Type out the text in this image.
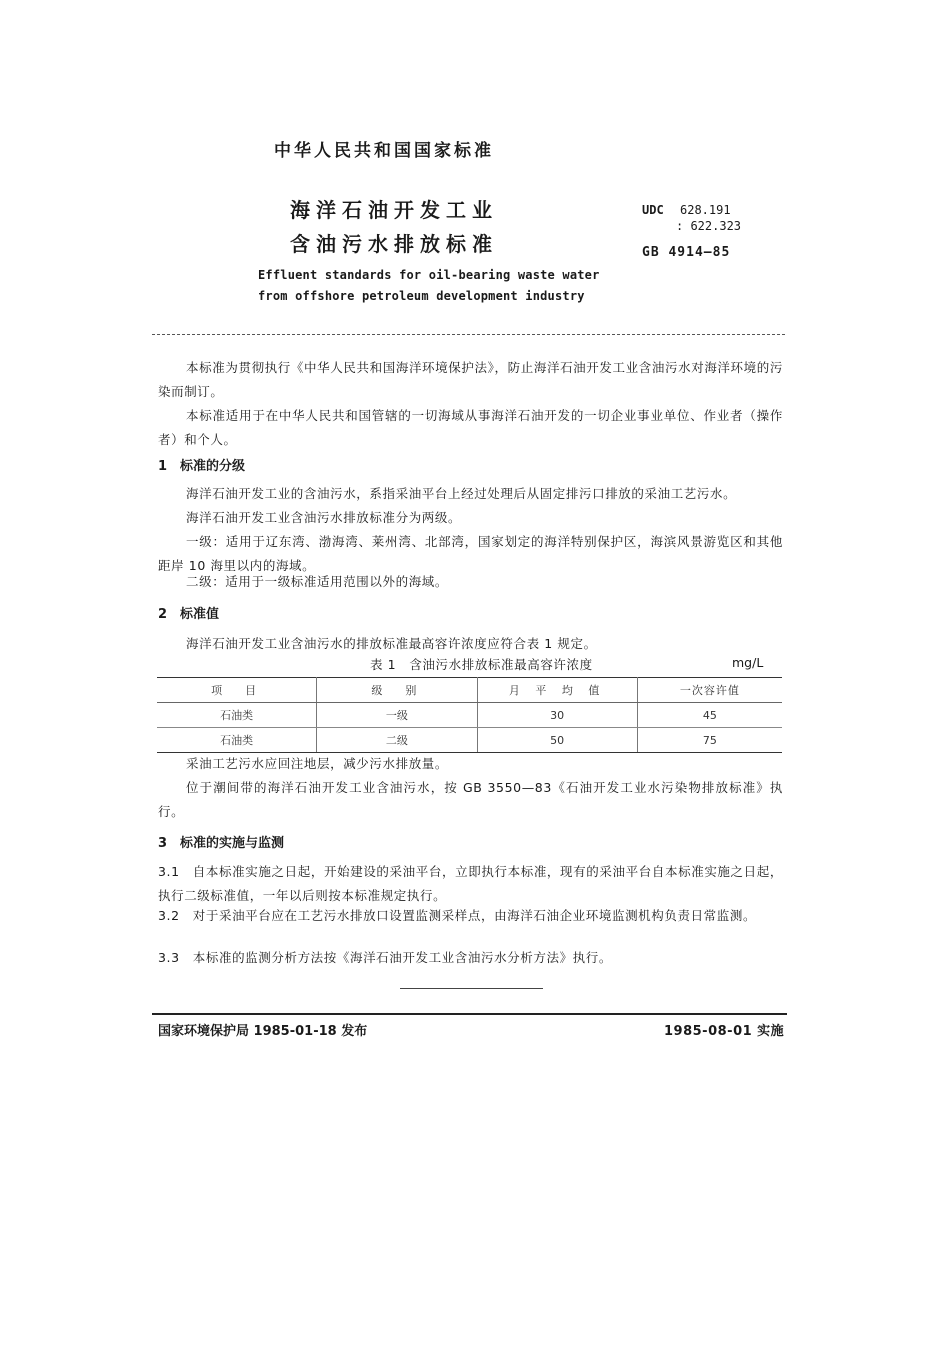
中华人民共和国国家标准
海洋石油开发工业
含油污水排放标准
Effluent standards for oil-bearing waste water
from offshore petroleum development industry
UDC 628.191
: 622.323
GB 4914—85
本标准为贯彻执行《中华人民共和国海洋环境保护法》，防止海洋石油开发工业含油污水对海洋环境的污染而制订。
本标准适用于在中华人民共和国管辖的一切海域从事海洋石油开发的一切企业事业单位、作业者（操作者）和个人。
1 标准的分级
海洋石油开发工业的含油污水，系指采油平台上经过处理后从固定排污口排放的采油工艺污水。
海洋石油开发工业含油污水排放标准分为两级。
一级：适用于辽东湾、渤海湾、莱州湾、北部湾，国家划定的海洋特别保护区，海滨风景游览区和其他距岸 10 海里以内的海域。
二级：适用于一级标准适用范围以外的海域。
2 标准值
海洋石油开发工业含油污水的排放标准最高容许浓度应符合表 1 规定。
表 1　含油污水排放标准最高容许浓度	mg/L
项　目	级　别	月 平 均 值	一次容许值
石油类	一级	30	45
石油类	二级	50	75
采油工艺污水应回注地层，减少污水排放量。
位于潮间带的海洋石油开发工业含油污水，按 GB 3550—83《石油开发工业水污染物排放标准》执行。
3 标准的实施与监测
3.1　自本标准实施之日起，开始建设的采油平台，立即执行本标准，现有的采油平台自本标准实施之日起，执行二级标准值，一年以后则按本标准规定执行。
3.2　对于采油平台应在工艺污水排放口设置监测采样点，由海洋石油企业环境监测机构负责日常监测。
3.3　本标准的监测分析方法按《海洋石油开发工业含油污水分析方法》执行。
国家环境保护局 1985-01-18 发布	1985-08-01 实施
